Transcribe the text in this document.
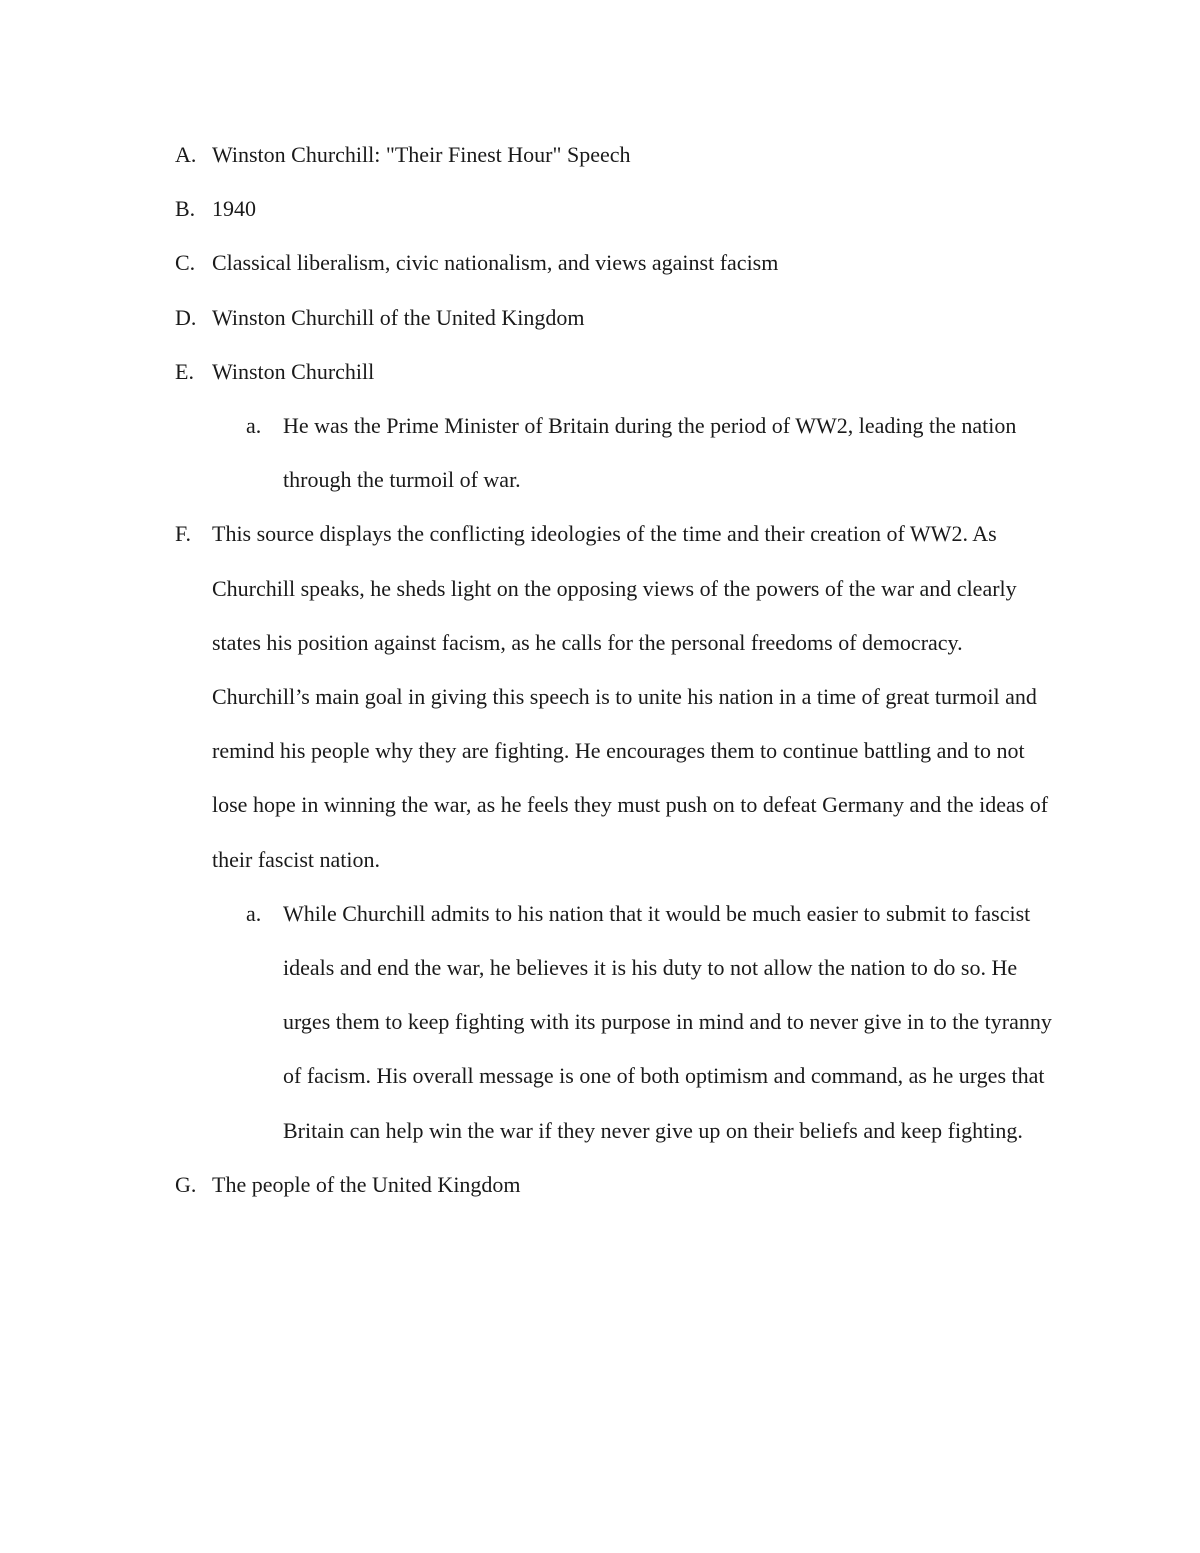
A. Winston Churchill: "Their Finest Hour" Speech
B. 1940
C. Classical liberalism, civic nationalism, and views against facism
D. Winston Churchill of the United Kingdom
E. Winston Churchill
a. He was the Prime Minister of Britain during the period of WW2, leading the nation through the turmoil of war.
F. This source displays the conflicting ideologies of the time and their creation of WW2. As Churchill speaks, he sheds light on the opposing views of the powers of the war and clearly states his position against facism, as he calls for the personal freedoms of democracy. Churchill’s main goal in giving this speech is to unite his nation in a time of great turmoil and remind his people why they are fighting. He encourages them to continue battling and to not lose hope in winning the war, as he feels they must push on to defeat Germany and the ideas of their fascist nation.
a. While Churchill admits to his nation that it would be much easier to submit to fascist ideals and end the war, he believes it is his duty to not allow the nation to do so. He urges them to keep fighting with its purpose in mind and to never give in to the tyranny of facism. His overall message is one of both optimism and command, as he urges that Britain can help win the war if they never give up on their beliefs and keep fighting.
G. The people of the United Kingdom
